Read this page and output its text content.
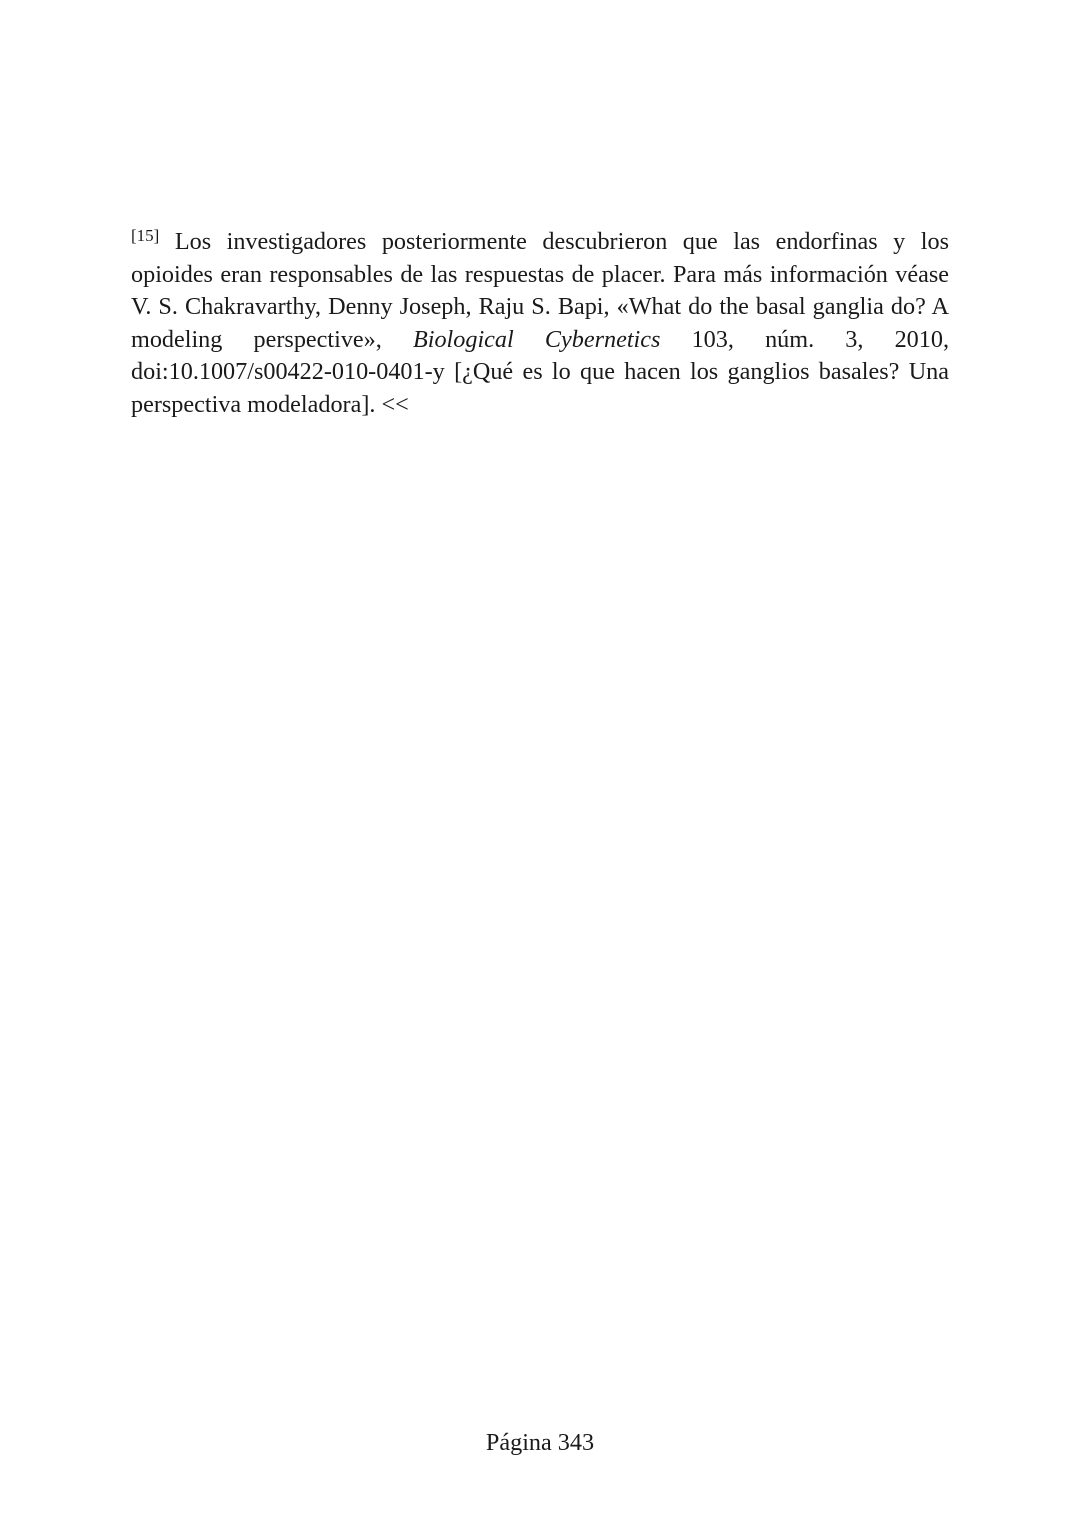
[15] Los investigadores posteriormente descubrieron que las endorfinas y los opioides eran responsables de las respuestas de placer. Para más información véase V. S. Chakravarthy, Denny Joseph, Raju S. Bapi, «What do the basal ganglia do? A modeling perspective», Biological Cybernetics 103, núm. 3, 2010, doi:10.1007/s00422-010-0401-y [¿Qué es lo que hacen los ganglios basales? Una perspectiva modeladora]. <<

Página 343
